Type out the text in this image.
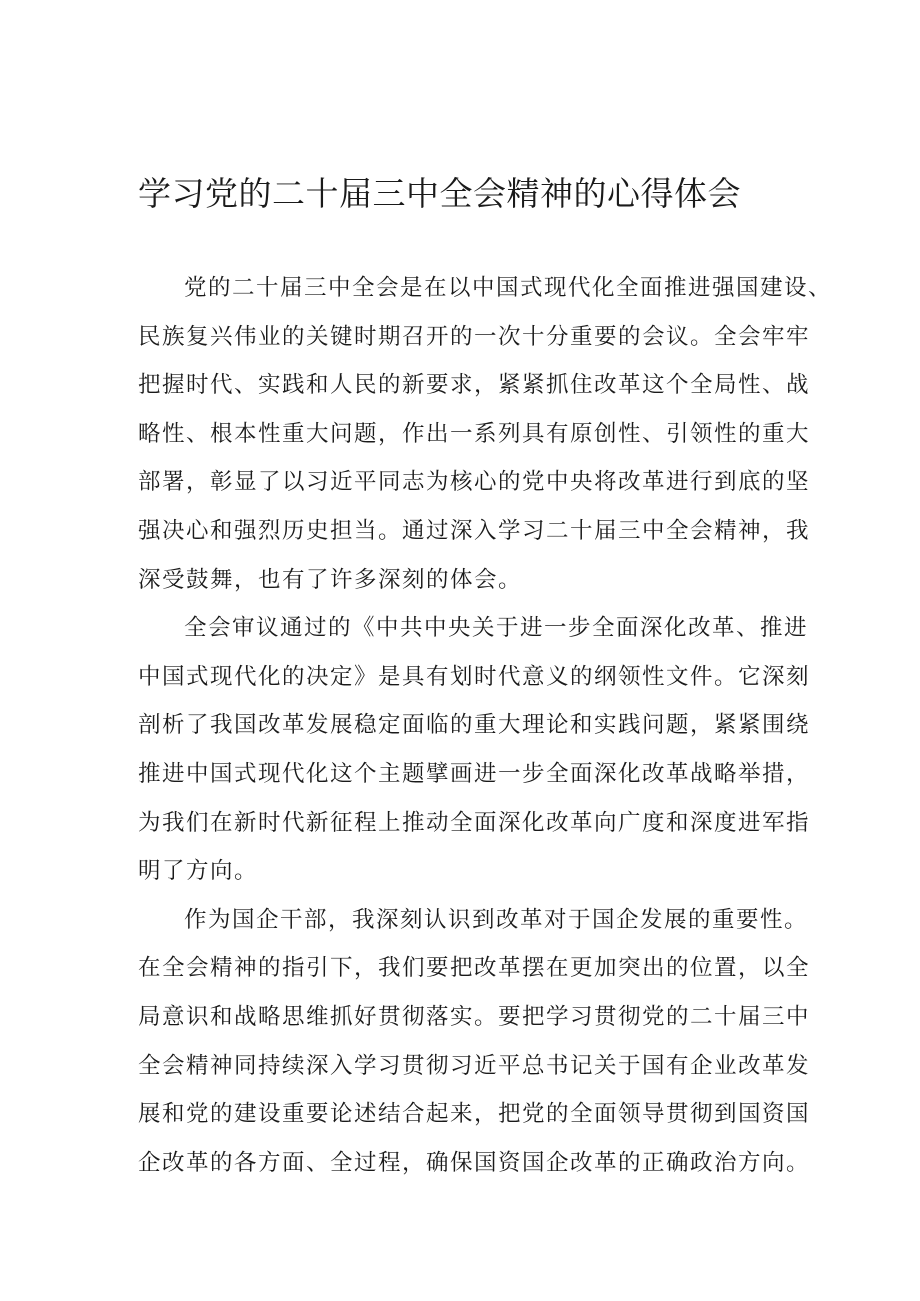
学习党的二十届三中全会精神的心得体会
党的二十届三中全会是在以中国式现代化全面推进强国建设、
民族复兴伟业的关键时期召开的一次十分重要的会议。全会牢牢
把握时代、实践和人民的新要求，紧紧抓住改革这个全局性、战
略性、根本性重大问题，作出一系列具有原创性、引领性的重大
部署，彰显了以习近平同志为核心的党中央将改革进行到底的坚
强决心和强烈历史担当。通过深入学习二十届三中全会精神，我
深受鼓舞，也有了许多深刻的体会。
全会审议通过的《中共中央关于进一步全面深化改革、推进
中国式现代化的决定》是具有划时代意义的纲领性文件。它深刻
剖析了我国改革发展稳定面临的重大理论和实践问题，紧紧围绕
推进中国式现代化这个主题擘画进一步全面深化改革战略举措，
为我们在新时代新征程上推动全面深化改革向广度和深度进军指
明了方向。
作为国企干部，我深刻认识到改革对于国企发展的重要性。
在全会精神的指引下，我们要把改革摆在更加突出的位置，以全
局意识和战略思维抓好贯彻落实。要把学习贯彻党的二十届三中
全会精神同持续深入学习贯彻习近平总书记关于国有企业改革发
展和党的建设重要论述结合起来，把党的全面领导贯彻到国资国
企改革的各方面、全过程，确保国资国企改革的正确政治方向。
